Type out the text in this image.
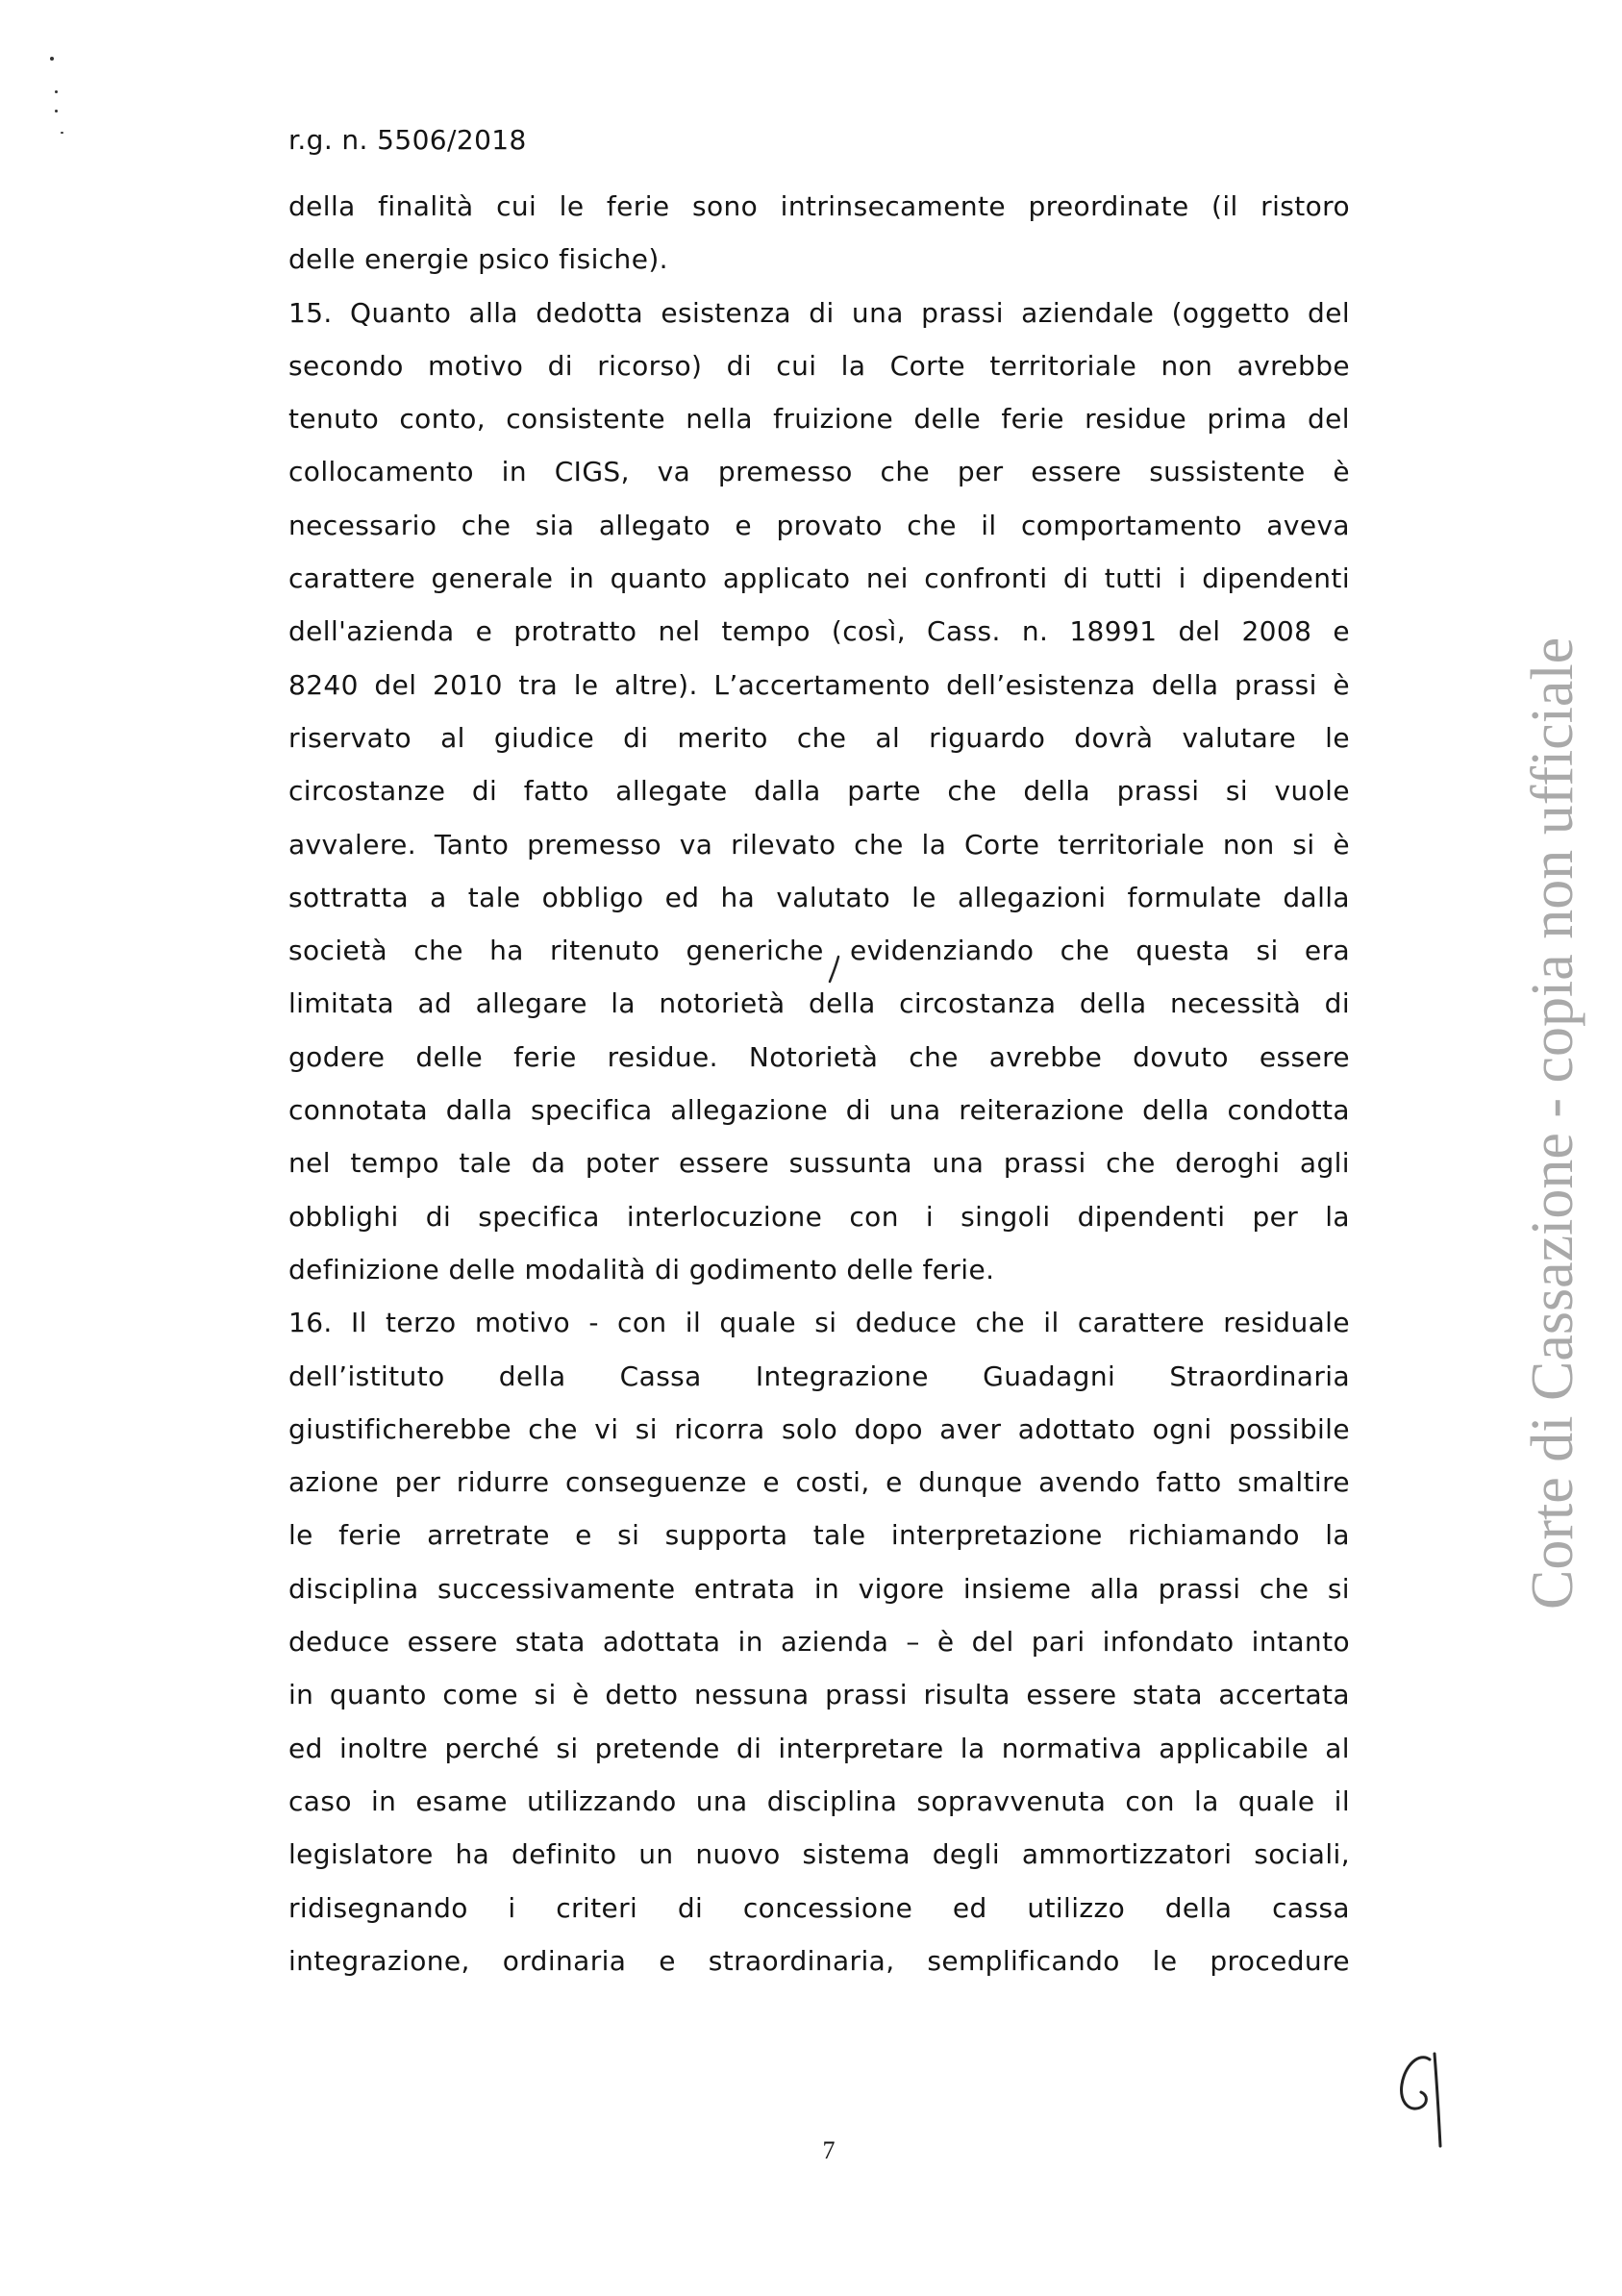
r.g. n. 5506/2018
della finalità cui le ferie sono intrinsecamente preordinate (il ristoro
delle energie psico fisiche).
15. Quanto alla dedotta esistenza di una prassi aziendale (oggetto del
secondo motivo di ricorso) di cui la Corte territoriale non avrebbe
tenuto conto, consistente nella fruizione delle ferie residue prima del
collocamento in CIGS, va premesso che per essere sussistente è
necessario che sia allegato e provato che il comportamento aveva
carattere generale in quanto applicato nei confronti di tutti i dipendenti
dell'azienda e protratto nel tempo (così, Cass. n. 18991 del 2008 e
8240 del 2010 tra le altre). L’accertamento dell’esistenza della prassi è
riservato al giudice di merito che al riguardo dovrà valutare le
circostanze di fatto allegate dalla parte che della prassi si vuole
avvalere. Tanto premesso va rilevato che la Corte territoriale non si è
sottratta a tale obbligo ed ha valutato le allegazioni formulate dalla
società che ha ritenuto generiche evidenziando che questa si era
limitata ad allegare la notorietà della circostanza della necessità di
godere delle ferie residue. Notorietà che avrebbe dovuto essere
connotata dalla specifica allegazione di una reiterazione della condotta
nel tempo tale da poter essere sussunta una prassi che deroghi agli
obblighi di specifica interlocuzione con i singoli dipendenti per la
definizione delle modalità di godimento delle ferie.
16. Il terzo motivo - con il quale si deduce che il carattere residuale
dell’istituto della Cassa Integrazione Guadagni Straordinaria
giustificherebbe che vi si ricorra solo dopo aver adottato ogni possibile
azione per ridurre conseguenze e costi, e dunque avendo fatto smaltire
le ferie arretrate e si supporta tale interpretazione richiamando la
disciplina successivamente entrata in vigore insieme alla prassi che si
deduce essere stata adottata in azienda – è del pari infondato intanto
in quanto come si è detto nessuna prassi risulta essere stata accertata
ed inoltre perché si pretende di interpretare la normativa applicabile al
caso in esame utilizzando una disciplina sopravvenuta con la quale il
legislatore ha definito un nuovo sistema degli ammortizzatori sociali,
ridisegnando i criteri di concessione ed utilizzo della cassa
integrazione, ordinaria e straordinaria, semplificando le procedure
7
Corte di Cassazione - copia non ufficiale
